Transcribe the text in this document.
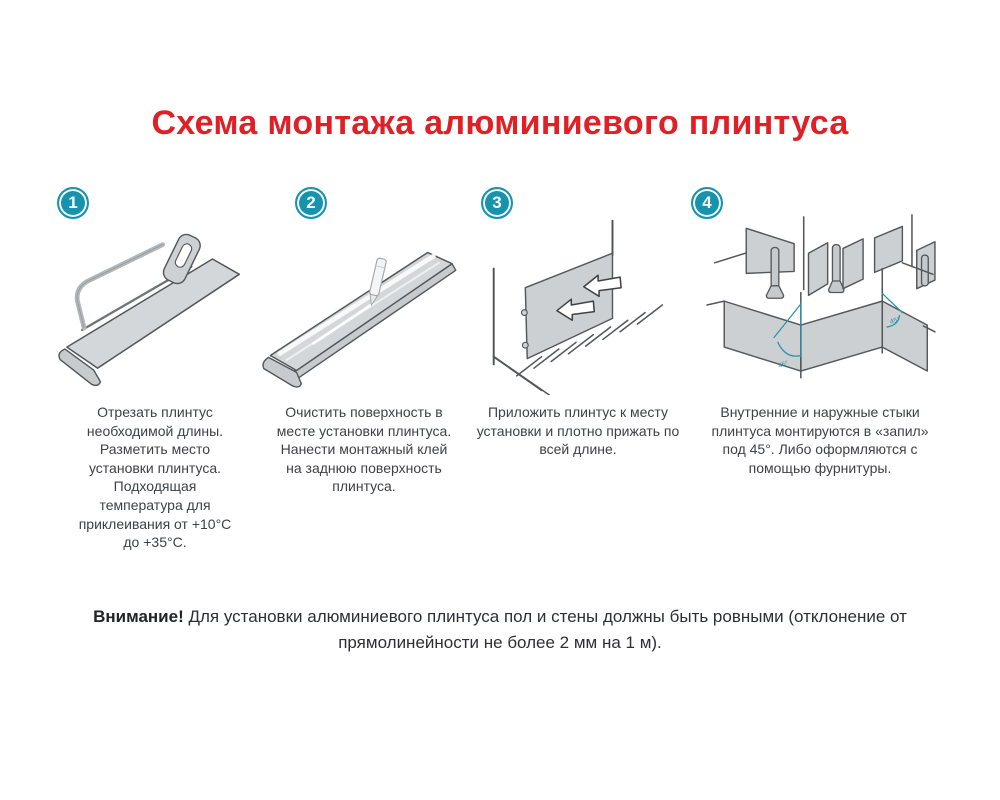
Схема монтажа алюминиевого плинтуса
1

Отрезать плинтус необходимой длины. Разметить место установки плинтуса. Подходящая температура для приклеивания от +10°С до +35°С.

2

Очистить поверхность в месте установки плинтуса. Нанести монтажный клей на заднюю поверхность плинтуса.

3

Приложить плинтус к месту установки и плотно прижать по всей длине.

4
45°
45°

Внутренние и наружные стыки плинтуса монтируются в «запил» под 45°. Либо оформляются с помощью фурнитуры.

Внимание! Для установки алюминиевого плинтуса пол и стены должны быть ровными (отклонение от прямолинейности не более 2 мм на 1 м).
